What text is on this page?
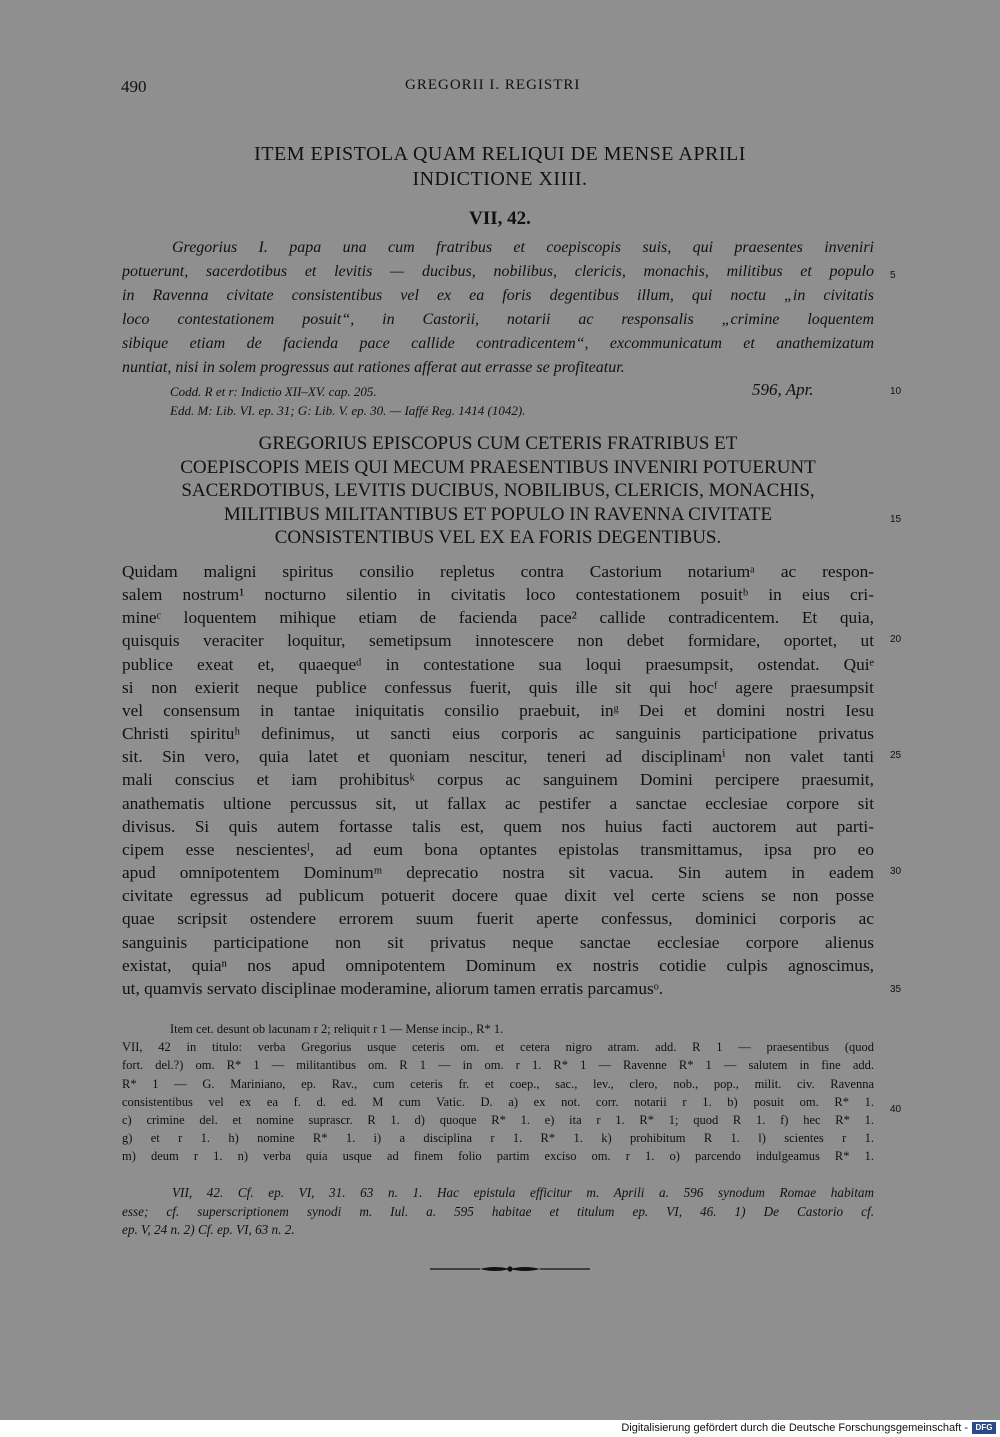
490	GREGORII I. REGISTRI
ITEM EPISTOLA QUAM RELIQUI DE MENSE APRILI
INDICTIONE XIIII.
VII, 42.
Gregorius I. papa una cum fratribus et coepiscopis suis, qui praesentes inveniri
potuerunt, sacerdotibus et levitis — ducibus, nobilibus, clericis, monachis, militibus et populo
in Ravenna civitate consistentibus vel ex ea foris degentibus illum, qui noctu „in civitatis
loco contestationem posuit“, in Castorii, notarii ac responsalis „crimine loquentem
sibique etiam de facienda pace callide contradicentem“, excommunicatum et anathemizatum
nuntiat, nisi in solem progressus aut rationes afferat aut errasse se profiteatur.
Codd. R et r: Indictio XII–XV. cap. 205.	596, Apr.
Edd. M: Lib. VI. ep. 31; G: Lib. V. ep. 30. — Iaffé Reg. 1414 (1042).
GREGORIUS EPISCOPUS CUM CETERIS FRATRIBUS ET
COEPISCOPIS MEIS QUI MECUM PRAESENTIBUS INVENIRI POTUERUNT
SACERDOTIBUS, LEVITIS DUCIBUS, NOBILIBUS, CLERICIS, MONACHIS,
MILITIBUS MILITANTIBUS ET POPULO IN RAVENNA CIVITATE
CONSISTENTIBUS VEL EX EA FORIS DEGENTIBUS.
Quidam maligni spiritus consilio repletus contra Castorium notariumᵃ ac respon-
salem nostrum¹ nocturno silentio in civitatis loco contestationem posuitᵇ in eius cri-
mineᶜ loquentem mihique etiam de facienda pace² callide contradicentem. Et quia,
quisquis veraciter loquitur, semetipsum innotescere non debet formidare, oportet, ut
publice exeat et, quaequeᵈ in contestatione sua loqui praesumpsit, ostendat. Quiᵉ
si non exierit neque publice confessus fuerit, quis ille sit qui hocᶠ agere praesumpsit
vel consensum in tantae iniquitatis consilio praebuit, inᵍ Dei et domini nostri Iesu
Christi spirituʰ definimus, ut sancti eius corporis ac sanguinis participatione privatus
sit. Sin vero, quia latet et quoniam nescitur, teneri ad disciplinamⁱ non valet tanti
mali conscius et iam prohibitusᵏ corpus ac sanguinem Domini percipere praesumit,
anathematis ultione percussus sit, ut fallax ac pestifer a sanctae ecclesiae corpore sit
divisus. Si quis autem fortasse talis est, quem nos huius facti auctorem aut parti-
cipem esse nescientesˡ, ad eum bona optantes epistolas transmittamus, ipsa pro eo
apud omnipotentem Dominumᵐ deprecatio nostra sit vacua. Sin autem in eadem
civitate egressus ad publicum potuerit docere quae dixit vel certe sciens se non posse
quae scripsit ostendere errorem suum fuerit aperte confessus, dominici corporis ac
sanguinis participatione non sit privatus neque sanctae ecclesiae corpore alienus
existat, quiaⁿ nos apud omnipotentem Dominum ex nostris cotidie culpis agnoscimus,
ut, quamvis servato disciplinae moderamine, aliorum tamen erratis parcamusᵒ.
Item cet. desunt ob lacunam r 2; reliquit r 1 — Mense incip., R* 1.
VII, 42 in titulo: verba Gregorius usque ceteris om. et cetera nigro atram. add. R 1 — praesentibus (quod
fort. del.?) om. R* 1 — militantibus om. R 1 — in om. r 1. R* 1 — Ravenne R* 1 — salutem in fine add.
R* 1 — G. Mariniano, ep. Rav., cum ceteris fr. et coep., sac., lev., clero, nob., pop., milit. civ. Ravenna
consistentibus vel ex ea f. d. ed. M cum Vatic. D. a) ex not. corr. notarii r 1. b) posuit om. R* 1.
c) crimine del. et nomine suprascr. R 1. d) quoque R* 1. e) ita r 1. R* 1; quod R 1. f) hec R* 1.
g) et r 1. h) nomine R* 1. i) a disciplina r 1. R* 1. k) prohibitum R 1. l) scientes r 1.
m) deum r 1. n) verba quia usque ad finem folio partim exciso om. r 1. o) parcendo indulgeamus R* 1.
VII, 42. Cf. ep. VI, 31. 63 n. 1. Hac epistula efficitur m. Aprili a. 596 synodum Romae habitam
esse; cf. superscriptionem synodi m. Iul. a. 595 habitae et titulum ep. VI, 46. 1) De Castorio cf.
ep. V, 24 n. 2) Cf. ep. VI, 63 n. 2.
5
10
15
20
25
30
35
40
Digitalisierung gefördert durch die Deutsche Forschungsgemeinschaft - DFG
